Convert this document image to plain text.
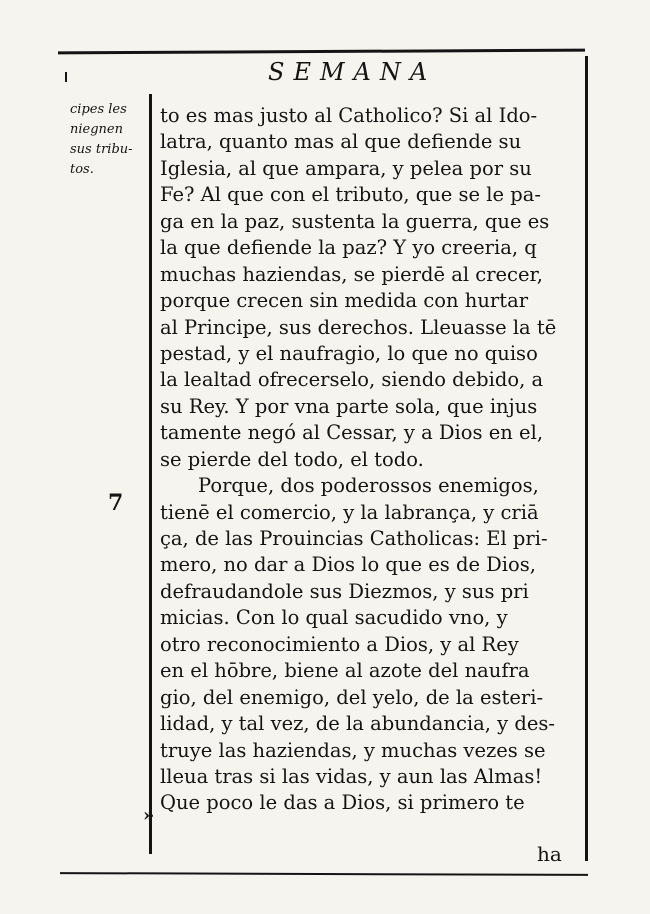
SEMANA

cipes les
niegnen
sus tribu-
tos.

7
to es mas justo al Catholico? Si al Ido-
latra, quanto mas al que defiende su
Iglesia, al que ampara, y pelea por su
Fe? Al que con el tributo, que se le pa-
ga en la paz, sustenta la guerra, que es
la que defiende la paz? Y yo creeria, q
muchas haziendas, se pierdē al crecer,
porque crecen sin medida con hurtar
al Principe, sus derechos. Lleuasse la tē
pestad, y el naufragio, lo que no quiso
la lealtad ofrecerselo, siendo debido, a
su Rey. Y por vna parte sola, que injus
tamente negó al Cessar, y a Dios en el,
se pierde del todo, el todo.
Porque, dos poderossos enemigos,
tienē el comercio, y la labrança, y criā
ça, de las Prouincias Catholicas: El pri-
mero, no dar a Dios lo que es de Dios,
defraudandole sus Diezmos, y sus pri
micias. Con lo qual sacudido vno, y
otro reconocimiento a Dios, y al Rey
en el hōbre, biene al azote del naufra
gio, del enemigo, del yelo, de la esteri-
lidad, y tal vez, de la abundancia, y des-
truye las haziendas, y muchas vezes se
lleua tras si las vidas, y aun las Almas!
Que poco le das a Dios, si primero te
»
ha
